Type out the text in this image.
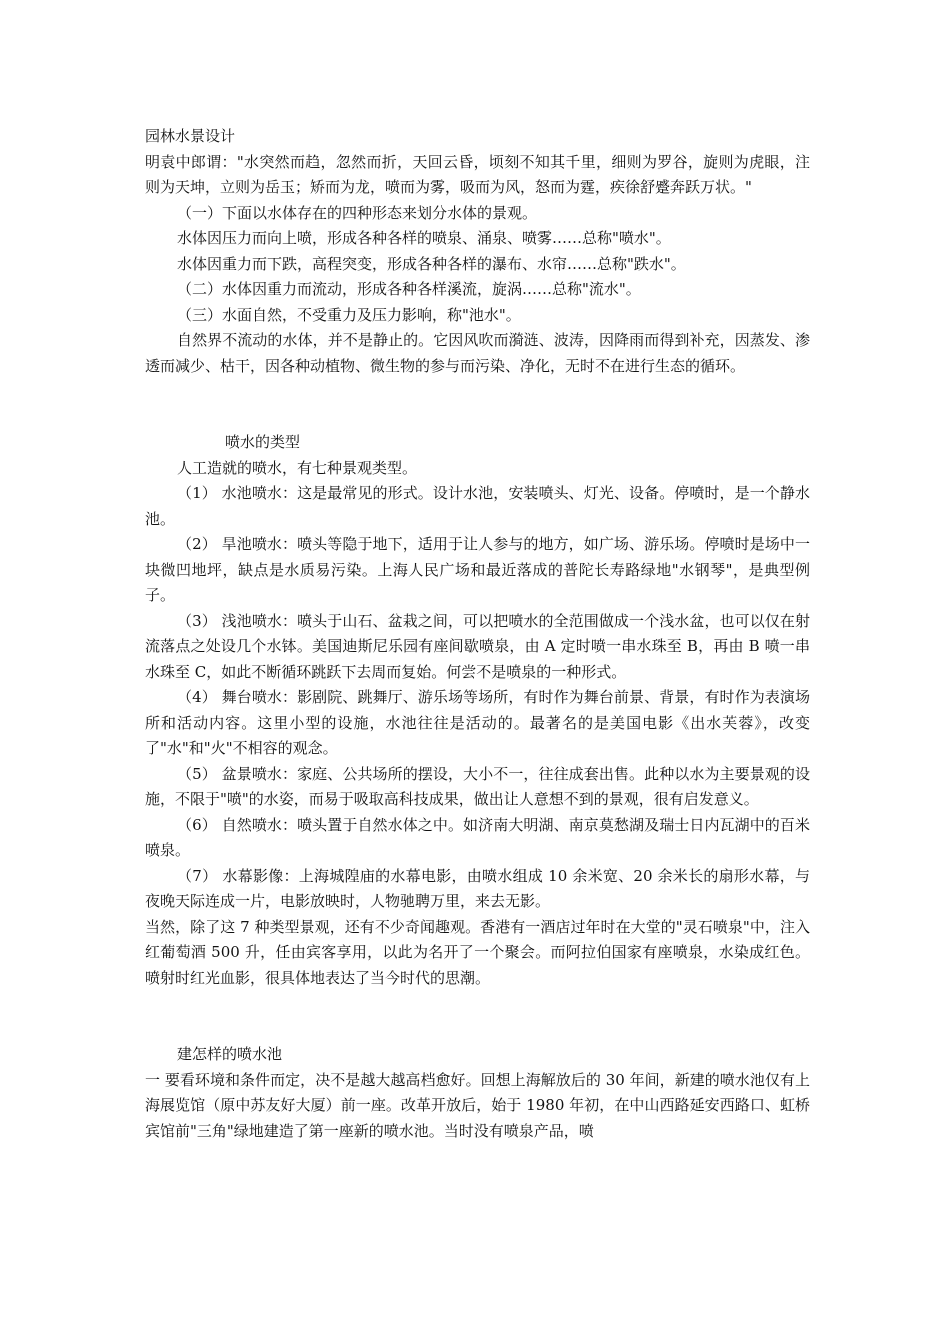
园林水景设计

明袁中郎谓："水突然而趋，忽然而折，天回云昏，顷刻不知其千里，细则为罗谷，旋则为虎眼，注则为天坤，立则为岳玉；矫而为龙，喷而为雾，吸而为风，怒而为霆，疾徐舒蹙奔跃万状。"

（一）下面以水体存在的四种形态来划分水体的景观。

水体因压力而向上喷，形成各种各样的喷泉、涌泉、喷雾……总称"喷水"。

水体因重力而下跌，高程突变，形成各种各样的瀑布、水帘……总称"跌水"。

（二）水体因重力而流动，形成各种各样溪流，旋涡……总称"流水"。

（三）水面自然，不受重力及压力影响，称"池水"。

自然界不流动的水体，并不是静止的。它因风吹而漪涟、波涛，因降雨而得到补充，因蒸发、渗透而减少、枯干，因各种动植物、微生物的参与而污染、净化，无时不在进行生态的循环。

喷水的类型

人工造就的喷水，有七种景观类型。

（1） 水池喷水：这是最常见的形式。设计水池，安装喷头、灯光、设备。停喷时，是一个静水池。

（2） 旱池喷水：喷头等隐于地下，适用于让人参与的地方，如广场、游乐场。停喷时是场中一块微凹地坪，缺点是水质易污染。上海人民广场和最近落成的普陀长寿路绿地"水钢琴"，是典型例子。

（3） 浅池喷水：喷头于山石、盆栽之间，可以把喷水的全范围做成一个浅水盆，也可以仅在射流落点之处设几个水钵。美国迪斯尼乐园有座间歇喷泉，由 A 定时喷一串水珠至 B，再由 B 喷一串水珠至 C，如此不断循环跳跃下去周而复始。何尝不是喷泉的一种形式。

（4） 舞台喷水：影剧院、跳舞厅、游乐场等场所，有时作为舞台前景、背景，有时作为表演场所和活动内容。这里小型的设施，水池往往是活动的。最著名的是美国电影《出水芙蓉》，改变了"水"和"火"不相容的观念。

（5） 盆景喷水：家庭、公共场所的摆设，大小不一，往往成套出售。此种以水为主要景观的设施，不限于"喷"的水姿，而易于吸取高科技成果，做出让人意想不到的景观，很有启发意义。

（6） 自然喷水：喷头置于自然水体之中。如济南大明湖、南京莫愁湖及瑞士日内瓦湖中的百米喷泉。

（7） 水幕影像：上海城隍庙的水幕电影，由喷水组成 10 余米宽、20 余米长的扇形水幕，与夜晚天际连成一片，电影放映时，人物驰聘万里，来去无影。

当然，除了这 7 种类型景观，还有不少奇闻趣观。香港有一酒店过年时在大堂的"灵石喷泉"中，注入红葡萄酒 500 升，任由宾客享用，以此为名开了一个聚会。而阿拉伯国家有座喷泉，水染成红色。喷射时红光血影，很具体地表达了当今时代的思潮。

建怎样的喷水池

一 要看环境和条件而定，决不是越大越高档愈好。回想上海解放后的 30 年间，新建的喷水池仅有上海展览馆（原中苏友好大厦）前一座。改革开放后，始于 1980 年初，在中山西路延安西路口、虹桥宾馆前"三角"绿地建造了第一座新的喷水池。当时没有喷泉产品，喷
